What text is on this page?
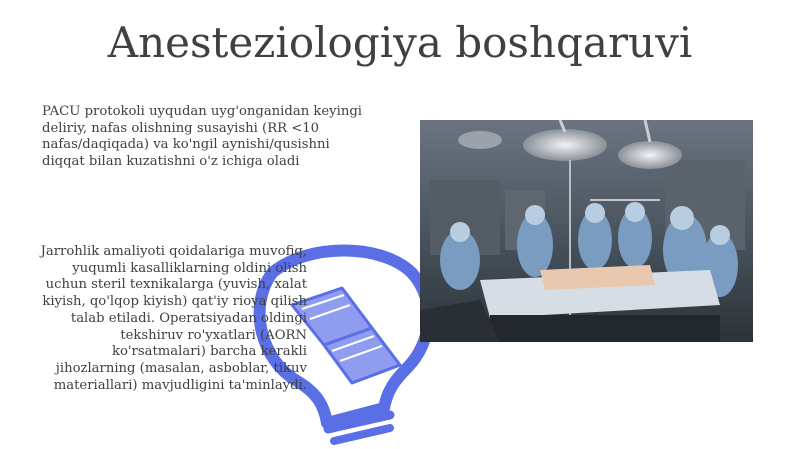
Anesteziologiya boshqaruvi
PACU protokoli uyqudan uyg'onganidan keyingi deliriy, nafas olishning susayishi (RR <10 nafas/daqiqada) va ko'ngil aynishi/qusishni diqqat bilan kuzatishni o'z ichiga oladi
Jarrohlik amaliyoti qoidalariga muvofiq, yuqumli kasalliklarning oldini olish uchun steril texnikalarga (yuvish, xalat kiyish, qo'lqop kiyish) qat'iy rioya qilish talab etiladi. Operatsiyadan oldingi tekshiruv ro'yxatlari (AORN ko'rsatmalari) barcha kerakli jihozlarning (masalan, asboblar, tikuv materiallari) mavjudligini ta'minlaydi.
